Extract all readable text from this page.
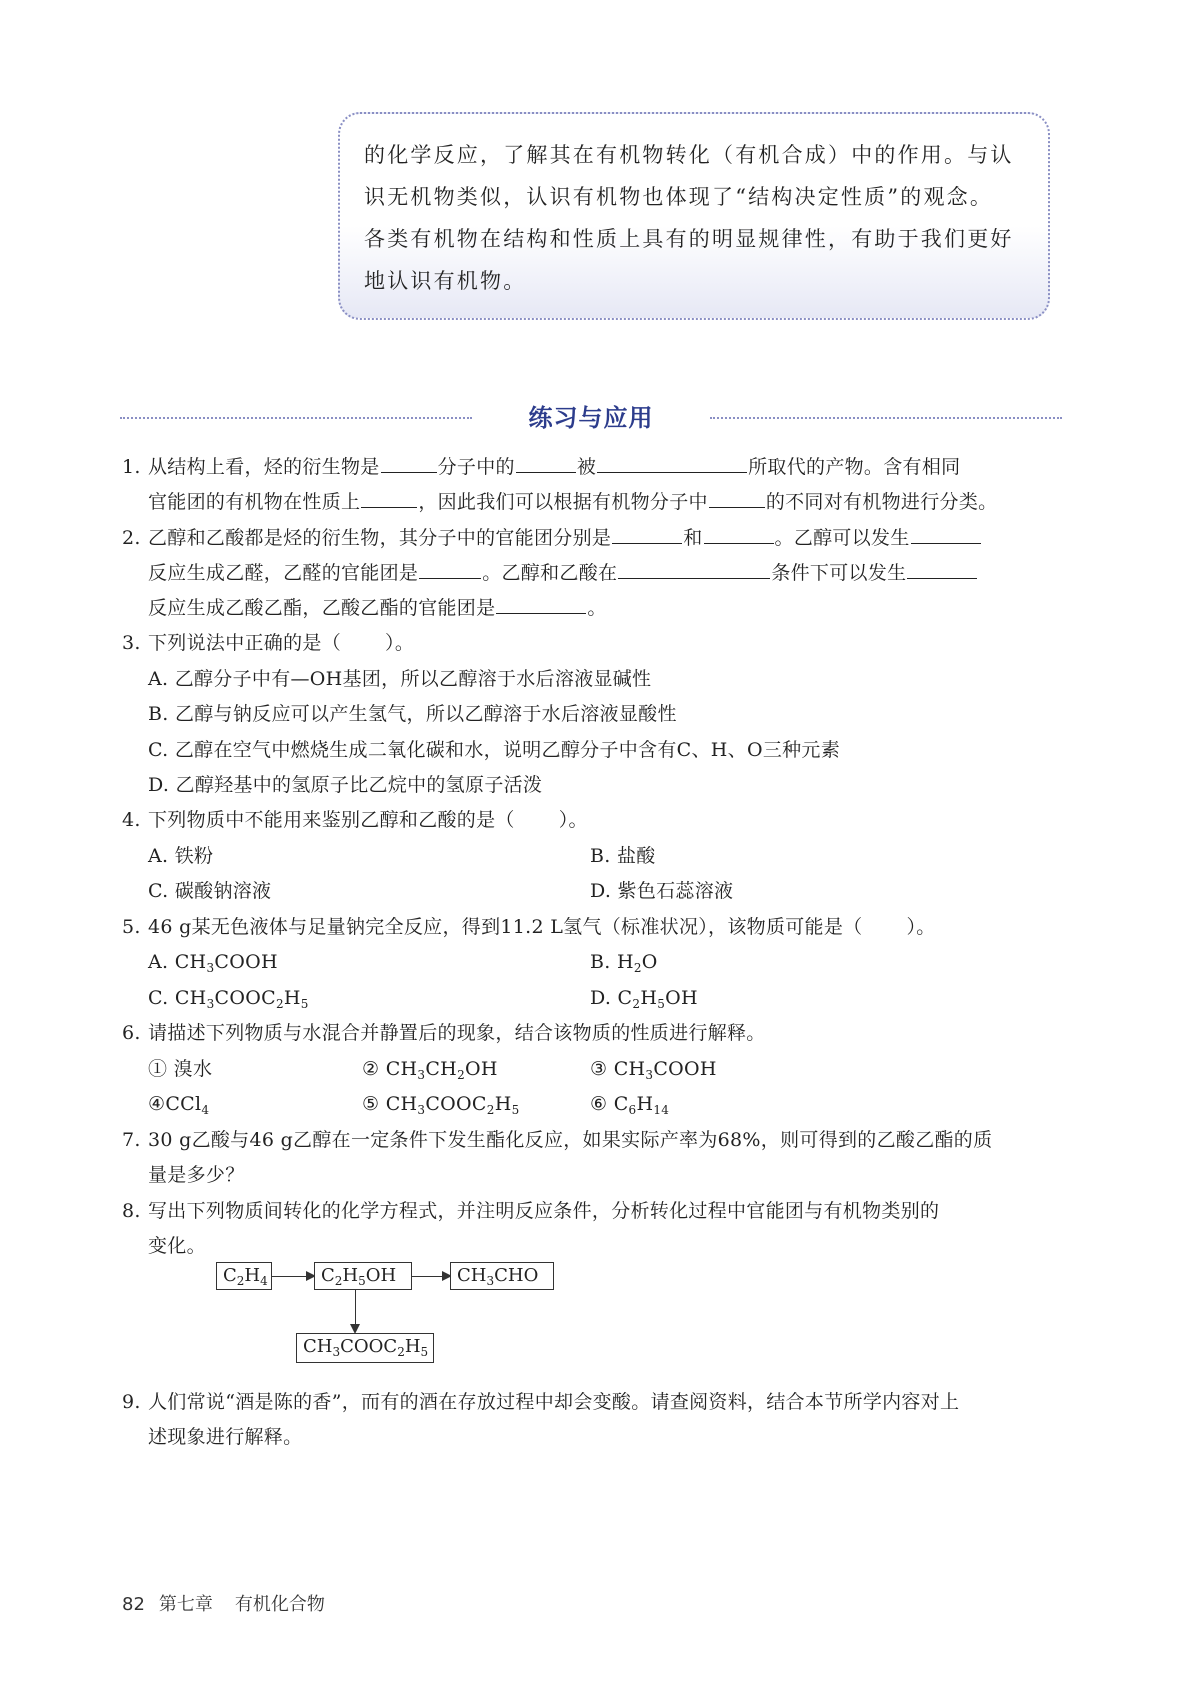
的化学反应，了解其在有机物转化（有机合成）中的作用。与认

识无机物类似，认识有机物也体现了“结构决定性质”的观念。

各类有机物在结构和性质上具有的明显规律性，有助于我们更好

地认识有机物。

练习与应用
1. 从结构上看，烃的衍生物是	分子中的	被	所取代的产物。含有相同
官能团的有机物在性质上	，因此我们可以根据有机物分子中	的不同对有机物进行分类。
2. 乙醇和乙酸都是烃的衍生物，其分子中的官能团分别是	和	。乙醇可以发生
反应生成乙醛，乙醛的官能团是	。乙醇和乙酸在	条件下可以发生
反应生成乙酸乙酯，乙酸乙酯的官能团是	。
3. 下列说法中正确的是（ ）。
A. 乙醇分子中有—OH基团，所以乙醇溶于水后溶液显碱性
B. 乙醇与钠反应可以产生氢气，所以乙醇溶于水后溶液显酸性
C. 乙醇在空气中燃烧生成二氧化碳和水，说明乙醇分子中含有C、H、O三种元素
D. 乙醇羟基中的氢原子比乙烷中的氢原子活泼
4. 下列物质中不能用来鉴别乙醇和乙酸的是（ ）。
A. 铁粉	B. 盐酸
C. 碳酸钠溶液	D. 紫色石蕊溶液
5. 46 g某无色液体与足量钠完全反应，得到11.2 L氢气（标准状况），该物质可能是（ ）。
A. $CH_3COOH$	B. $H_2O$
C. $CH_3COOC_2H_5$	D. $C_2H_5OH$
6. 请描述下列物质与水混合并静置后的现象，结合该物质的性质进行解释。
① 溴水	② $CH_3CH_2OH$	③ $CH_3COOH$
④CCl$_4$	⑤ $CH_3COOC_2H_5$	⑥ $C_6H_{14}$
7. 30 g乙酸与46 g乙醇在一定条件下发生酯化反应，如果实际产率为68%，则可得到的乙酸乙酯的质
量是多少？
8. 写出下列物质间转化的化学方程式，并注明反应条件，分析转化过程中官能团与有机物类别的
变化。
$C_2H_4$	$C_2H_5OH$	$CH_3CHO$
$CH_3COOC_2H_5$
9. 人们常说“酒是陈的香”，而有的酒在存放过程中却会变酸。请查阅资料，结合本节所学内容对上
述现象进行解释。
82 第七章 有机化合物
